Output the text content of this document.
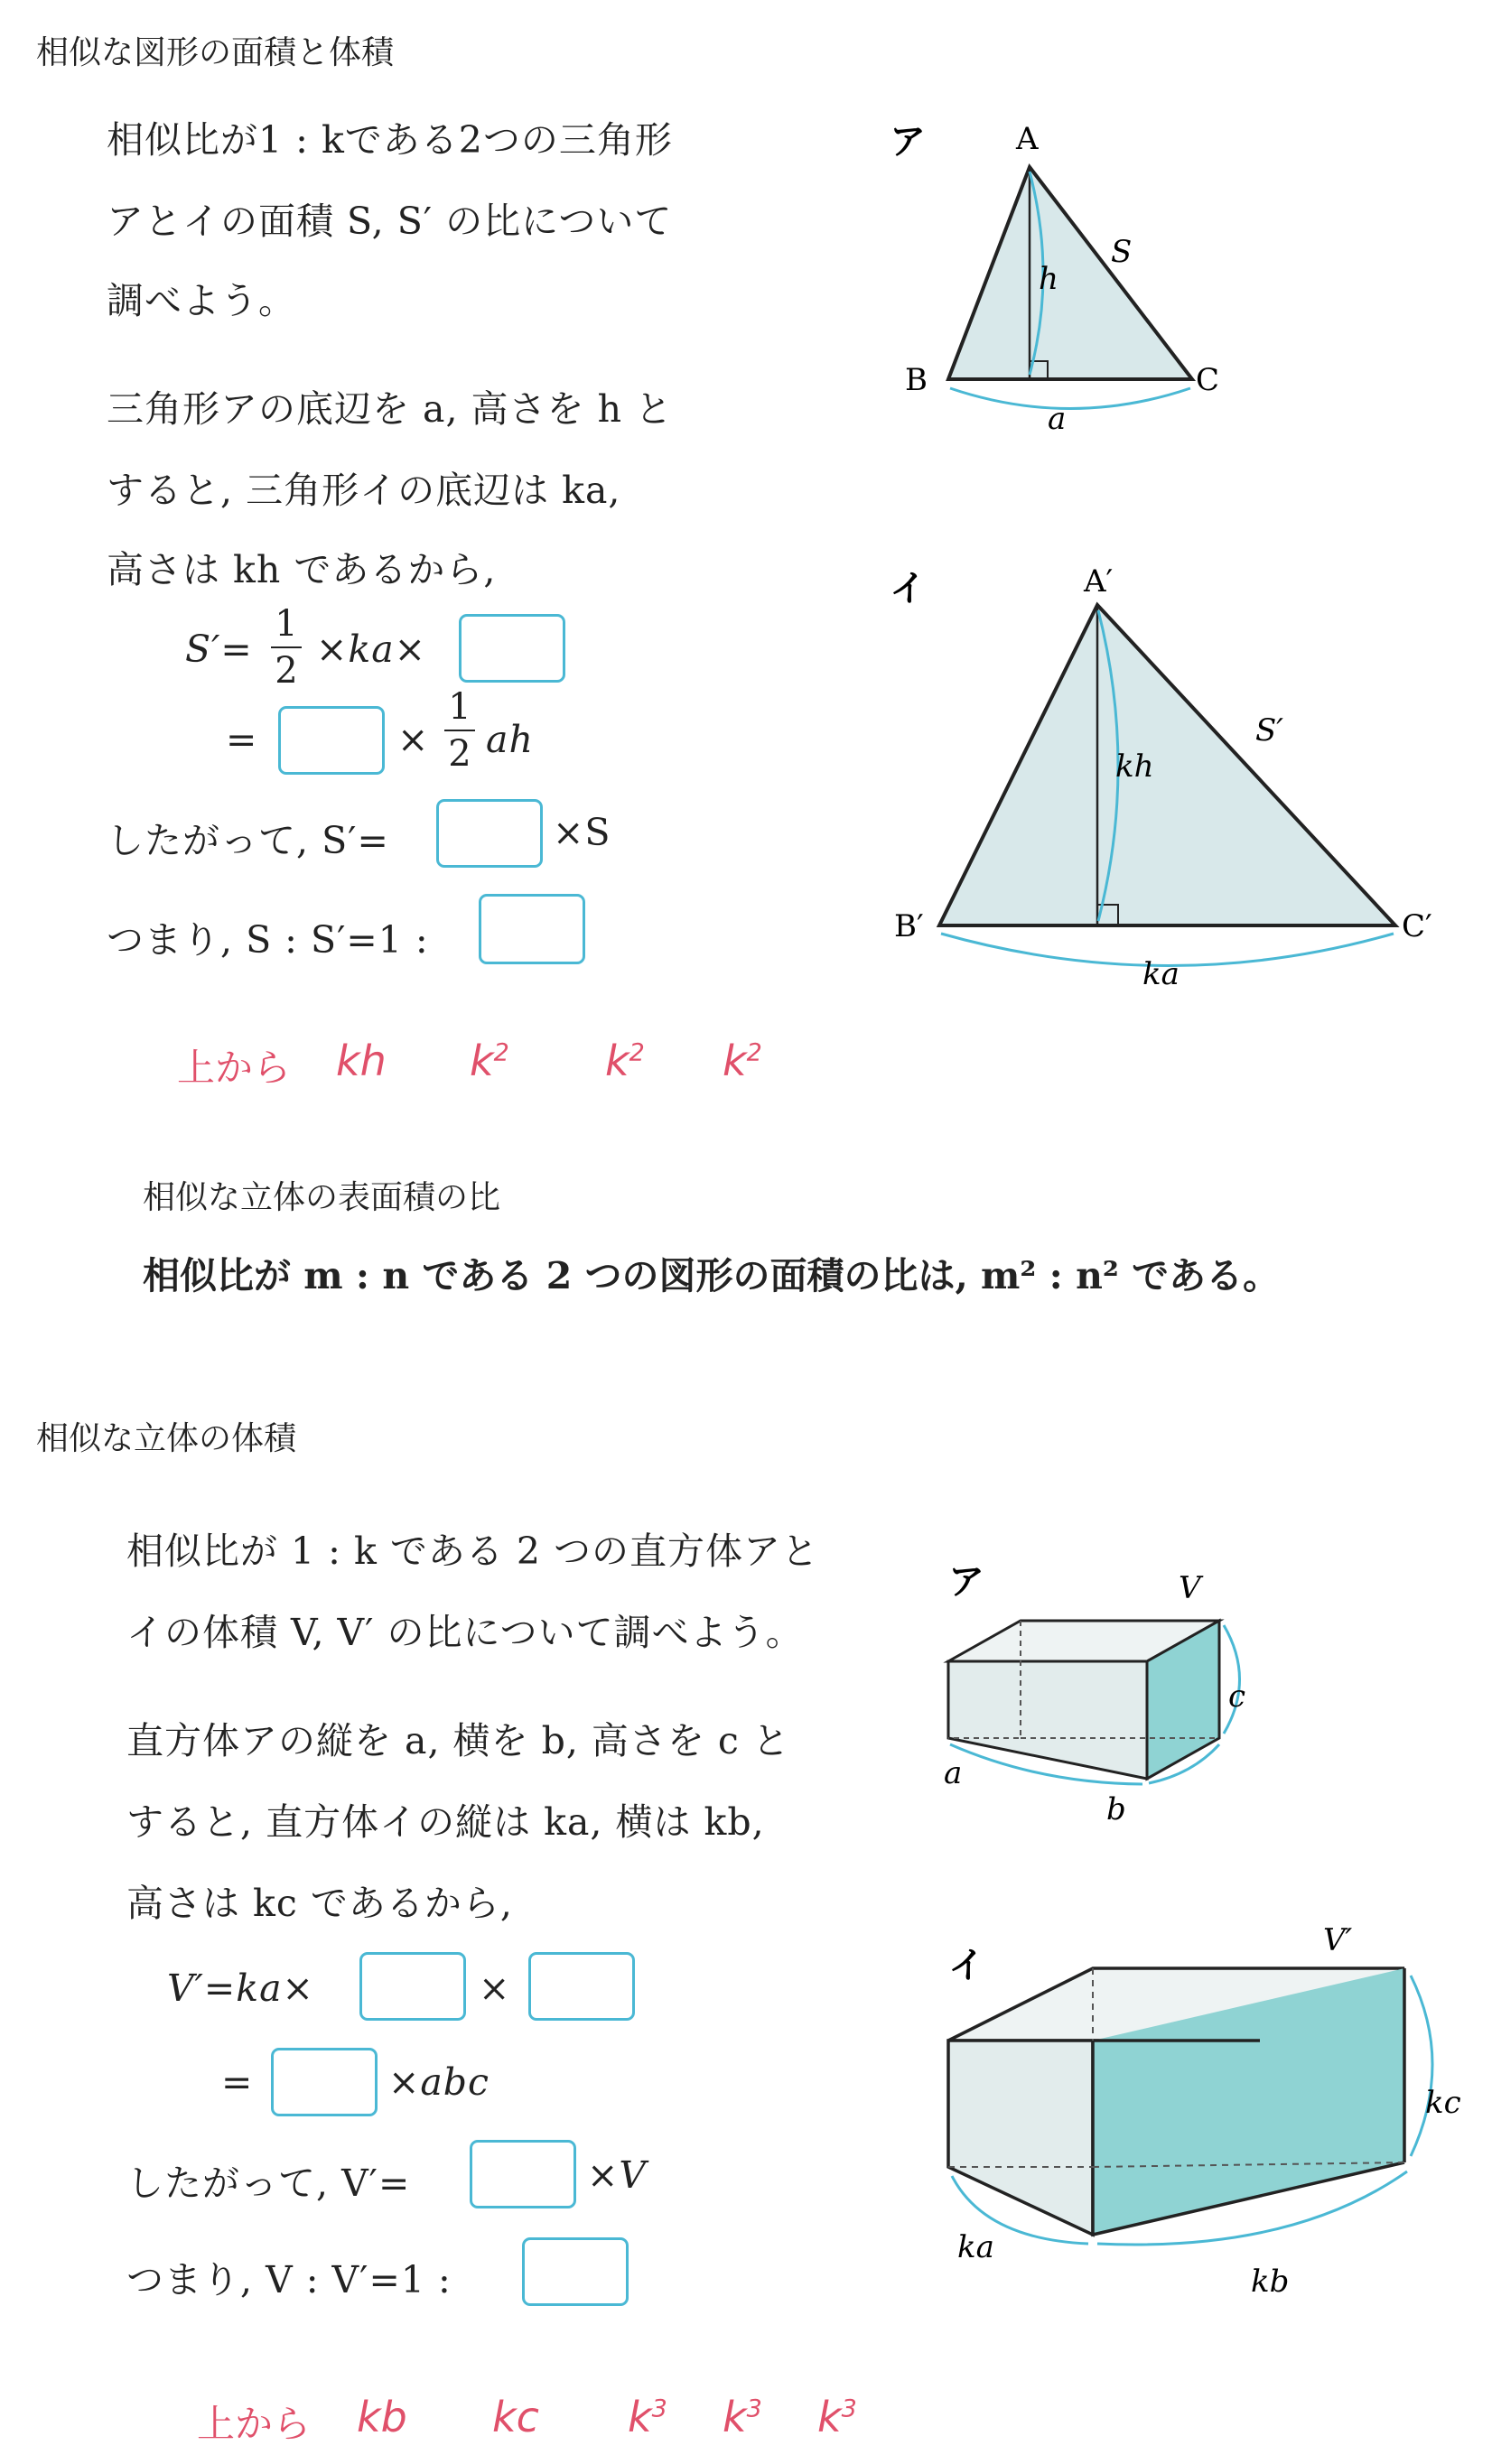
相似な図形の面積と体積
相似比が1 : kである2つの三角形
アとイの面積 S, S′ の比について
調べよう。
三角形アの底辺を a, 高さを h と
すると, 三角形イの底辺は ka,
高さは kh であるから,
S′=
1
2 ×ka×
=	×
1
2 ah
したがって, S′=	×S
つまり, S : S′=1 :
上から kh $k^2$ $k^2$ $k^2$
ア	A
B	C
S
h
a
イ	A′
B′	C′
S′
kh
ka
相似な立体の表面積の比
相似比が m : n である 2 つの図形の面積の比は, m² : n² である。
相似な立体の体積
相似比が 1 : k である 2 つの直方体アと
イの体積 V, V′ の比について調べよう。
直方体アの縦を a, 横を b, 高さを c と
すると, 直方体イの縦は ka, 横は kb,
高さは kc であるから,
V′=ka×	×
=	×abc
したがって, V′=	×V
つまり, V : V′=1 :
上から kb kc $k^3$ $k^3$ $k^3$
ア	V
c
a
b
イ
V′
kc
ka
kb
